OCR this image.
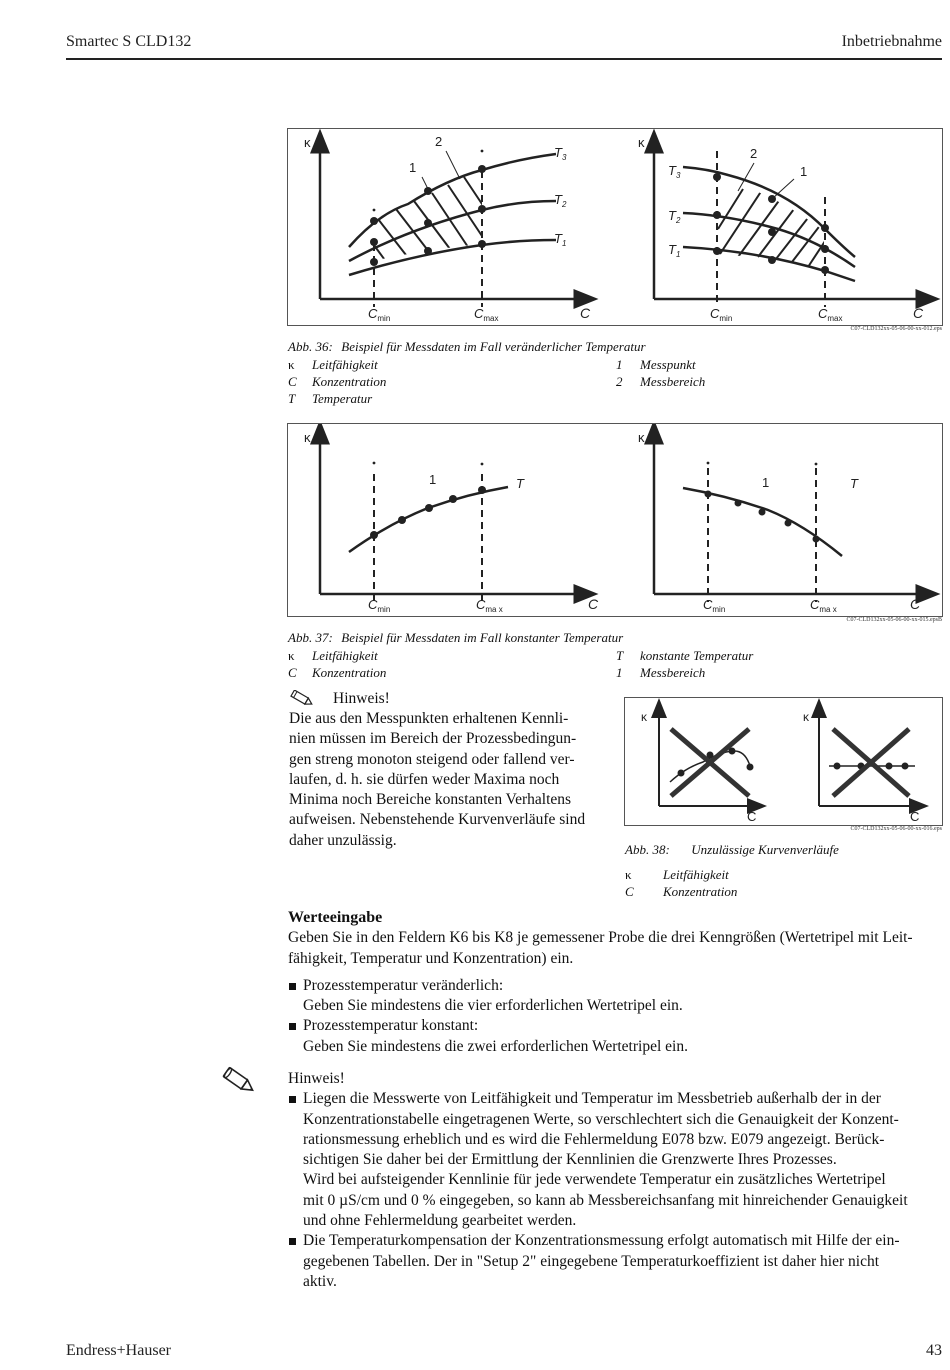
Smartec S CLD132	Inbetriebnahme
κ
1
2
$T_3$
$T_2$
$T_1$
$C_{min}$	$C_{max}$	C
κ
2
1
$T_3$
$T_2$
$T_1$
$C_{min}$	$C_{max}$	C
C07-CLD132xx-05-06-00-xx-012.eps
Abb. 36: Beispiel für Messdaten im Fall veränderlicher Temperatur
κ Leitfähigkeit
C Konzentration
T Temperatur
1 Messpunkt
2 Messbereich
κ
1	T
$C_{min}$	$C_{ma x}$	C
κ
1	T
$C_{min}$	$C_{ma x}$	C
C07-CLD132xx-05-06-00-xx-015.epsB
Abb. 37: Beispiel für Messdaten im Fall konstanter Temperatur
κ Leitfähigkeit
C Konzentration
T konstante Temperatur
1 Messbereich
Hinweis!
Die aus den Messpunkten erhaltenen Kennli-
nien müssen im Bereich der Prozessbedingun-
gen streng monoton steigend oder fallend ver-
laufen, d. h. sie dürfen weder Maxima noch
Minima noch Bereiche konstanten Verhaltens
aufweisen. Nebenstehende Kurvenverläufe sind
daher unzulässig.
κ
C
κ
C
C07-CLD132xx-05-06-00-xx-016.eps
Abb. 38: Unzulässige Kurvenverläufe
κ Leitfähigkeit
C Konzentration
Werteeingabe
Geben Sie in den Feldern K6 bis K8 je gemessener Probe die drei Kenngrößen (Wertetripel mit Leit-
fähigkeit, Temperatur und Konzentration) ein.
Prozesstemperatur veränderlich:
Geben Sie mindestens die vier erforderlichen Wertetripel ein.
Prozesstemperatur konstant:
Geben Sie mindestens die zwei erforderlichen Wertetripel ein.
Hinweis!
Liegen die Messwerte von Leitfähigkeit und Temperatur im Messbetrieb außerhalb der in der
Konzentrationstabelle eingetragenen Werte, so verschlechtert sich die Genauigkeit der Konzent-
rationsmessung erheblich und es wird die Fehlermeldung E078 bzw. E079 angezeigt. Berück-
sichtigen Sie daher bei der Ermittlung der Kennlinien die Grenzwerte Ihres Prozesses.
Wird bei aufsteigender Kennlinie für jede verwendete Temperatur ein zusätzliches Wertetripel
mit 0 µS/cm und 0 % eingegeben, so kann ab Messbereichsanfang mit hinreichender Genauigkeit
und ohne Fehlermeldung gearbeitet werden.
Die Temperaturkompensation der Konzentrationsmessung erfolgt automatisch mit Hilfe der ein-
gegebenen Tabellen. Der in "Setup 2" eingegebene Temperaturkoeffizient ist daher hier nicht
aktiv.
Endress+Hauser	43
